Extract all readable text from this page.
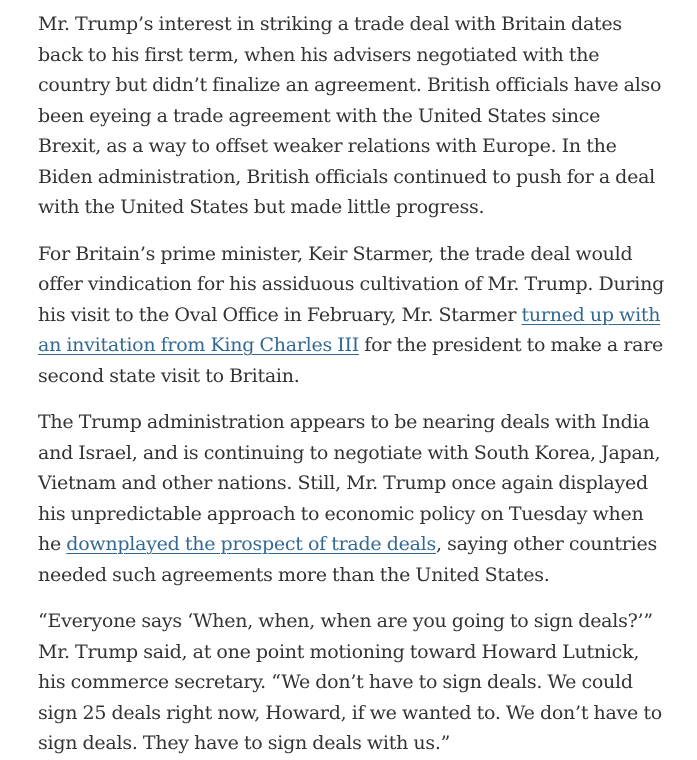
Mr. Trump’s interest in striking a trade deal with Britain dates back to his first term, when his advisers negotiated with the country but didn’t finalize an agreement. British officials have also been eyeing a trade agreement with the United States since Brexit, as a way to offset weaker relations with Europe. In the Biden administration, British officials continued to push for a deal with the United States but made little progress.

For Britain’s prime minister, Keir Starmer, the trade deal would offer vindication for his assiduous cultivation of Mr. Trump. During his visit to the Oval Office in February, Mr. Starmer turned up with an invitation from King Charles III for the president to make a rare second state visit to Britain.

The Trump administration appears to be nearing deals with India and Israel, and is continuing to negotiate with South Korea, Japan, Vietnam and other nations. Still, Mr. Trump once again displayed his unpredictable approach to economic policy on Tuesday when he downplayed the prospect of trade deals, saying other countries needed such agreements more than the United States.

“Everyone says ‘When, when, when are you going to sign deals?’” Mr. Trump said, at one point motioning toward Howard Lutnick, his commerce secretary. “We don’t have to sign deals. We could sign 25 deals right now, Howard, if we wanted to. We don’t have to sign deals. They have to sign deals with us.”
